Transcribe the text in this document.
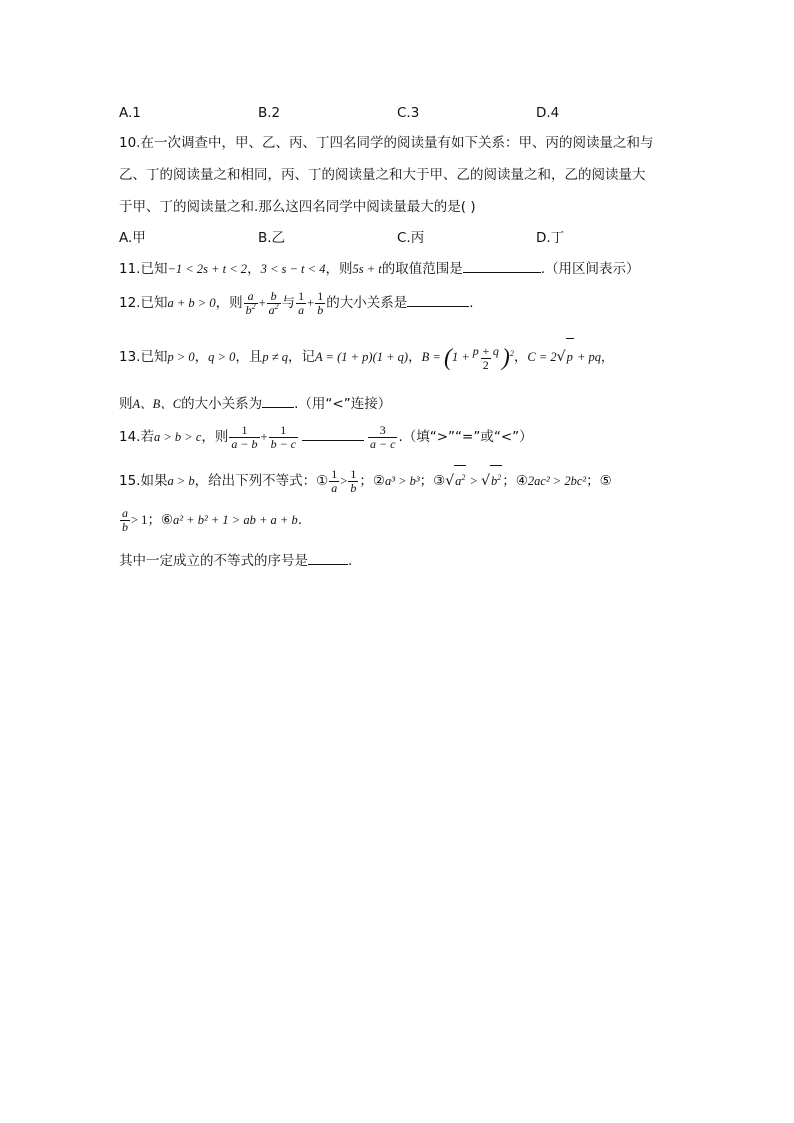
A.1	B.2	C.3	D.4
10.在一次调查中，甲、乙、丙、丁四名同学的阅读量有如下关系：甲、丙的阅读量之和与
乙、丁的阅读量之和相同，丙、丁的阅读量之和大于甲、乙的阅读量之和，乙的阅读量大
于甲、丁的阅读量之和.那么这四名同学中阅读量最大的是( )
A.甲	B.乙	C.丙	D.丁
11.已知−1 < 2s + t < 2，3 < s − t < 4，则5s + t的取值范围是	.（用区间表示）
12.已知a + b > 0，则 $\frac{a}{b^2} + \frac{b}{a^2}$ 与 $\frac{1}{a} + \frac{1}{b}$ 的大小关系是	.
13.已知p > 0，q > 0，且p ≠ q，记A = (1 + p)(1 + q)，$B = (1 + \frac{p + q}{2} )^2$，C = 2√p + pq，
则A、B、C的大小关系为 .（用“<”连接）
14.若a > b > c，则 $\frac{1}{a - b} + \frac{1}{b - c}$	$\frac{3}{a - c}$ .（填“>”“=”或“<”）
15.如果a > b，给出下列不等式：① $\frac{1}{a} > \frac{1}{b}$ ；②a³ > b³；$③√a^2 > √b^2$；④2ac² > 2bc²；⑤
$\frac{a}{b} > 1$；⑥a² + b² + 1 > ab + a + b.
其中一定成立的不等式的序号是	.
